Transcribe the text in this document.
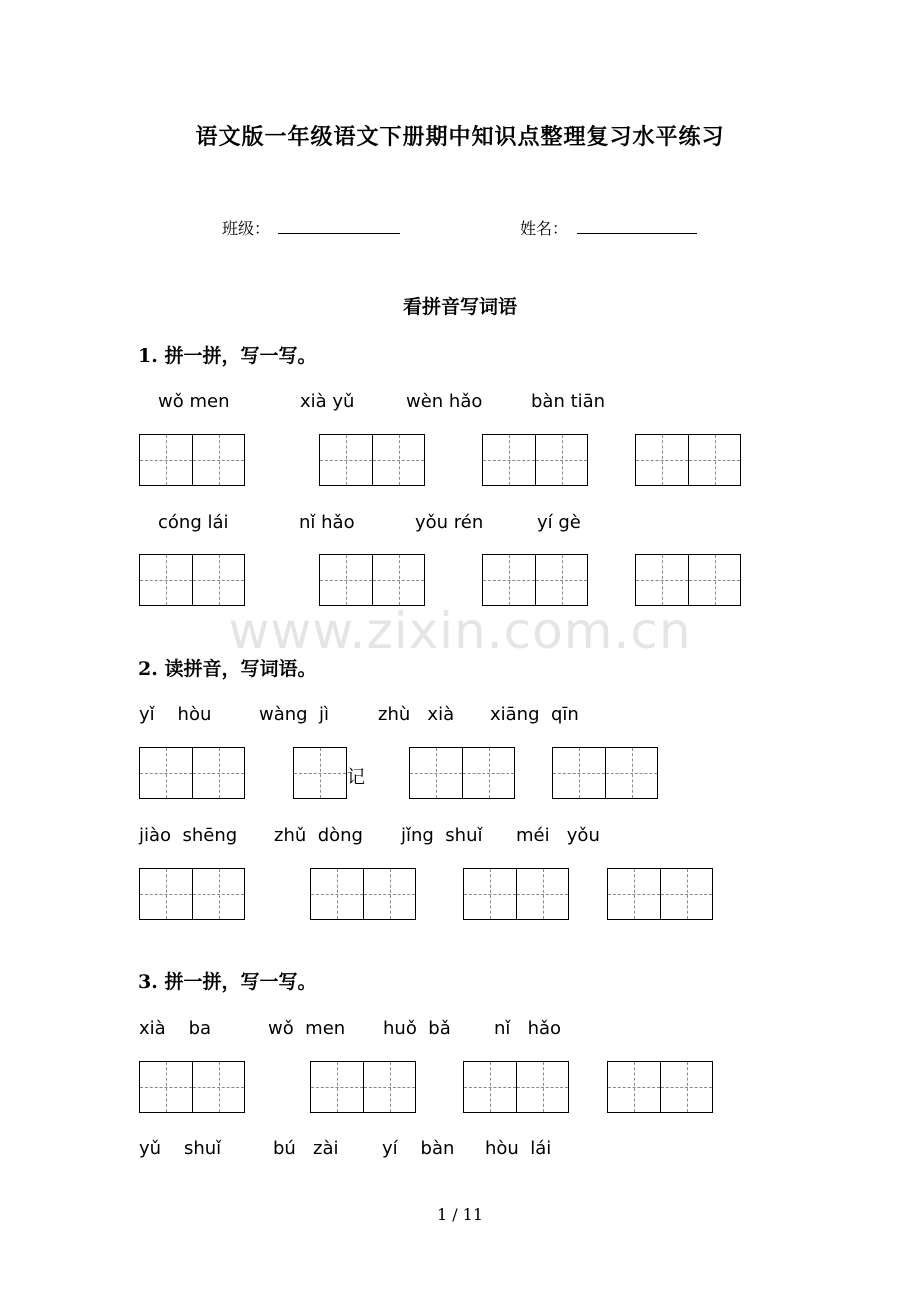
语文版一年级语文下册期中知识点整理复习水平练习
班级：	姓名：
看拼音写词语
1. 拼一拼，写一写。
wǒ men	xià yǔ	wèn hǎo	bàn tiān
cóng lái	nǐ hǎo	yǒu rén	yí gè
www.zixin.com.cn
2. 读拼音，写词语。
yǐ    hòu	wàng  jì	zhù   xià xiāng  qīn
记
jiào  shēng zhǔ  dòng jǐng  shuǐ méi   yǒu
3. 拼一拼，写一写。
xià    ba	wǒ  men huǒ  bǎ nǐ   hǎo
yǔ    shuǐ	bú   zài yí    bàn hòu  lái
1 / 11
